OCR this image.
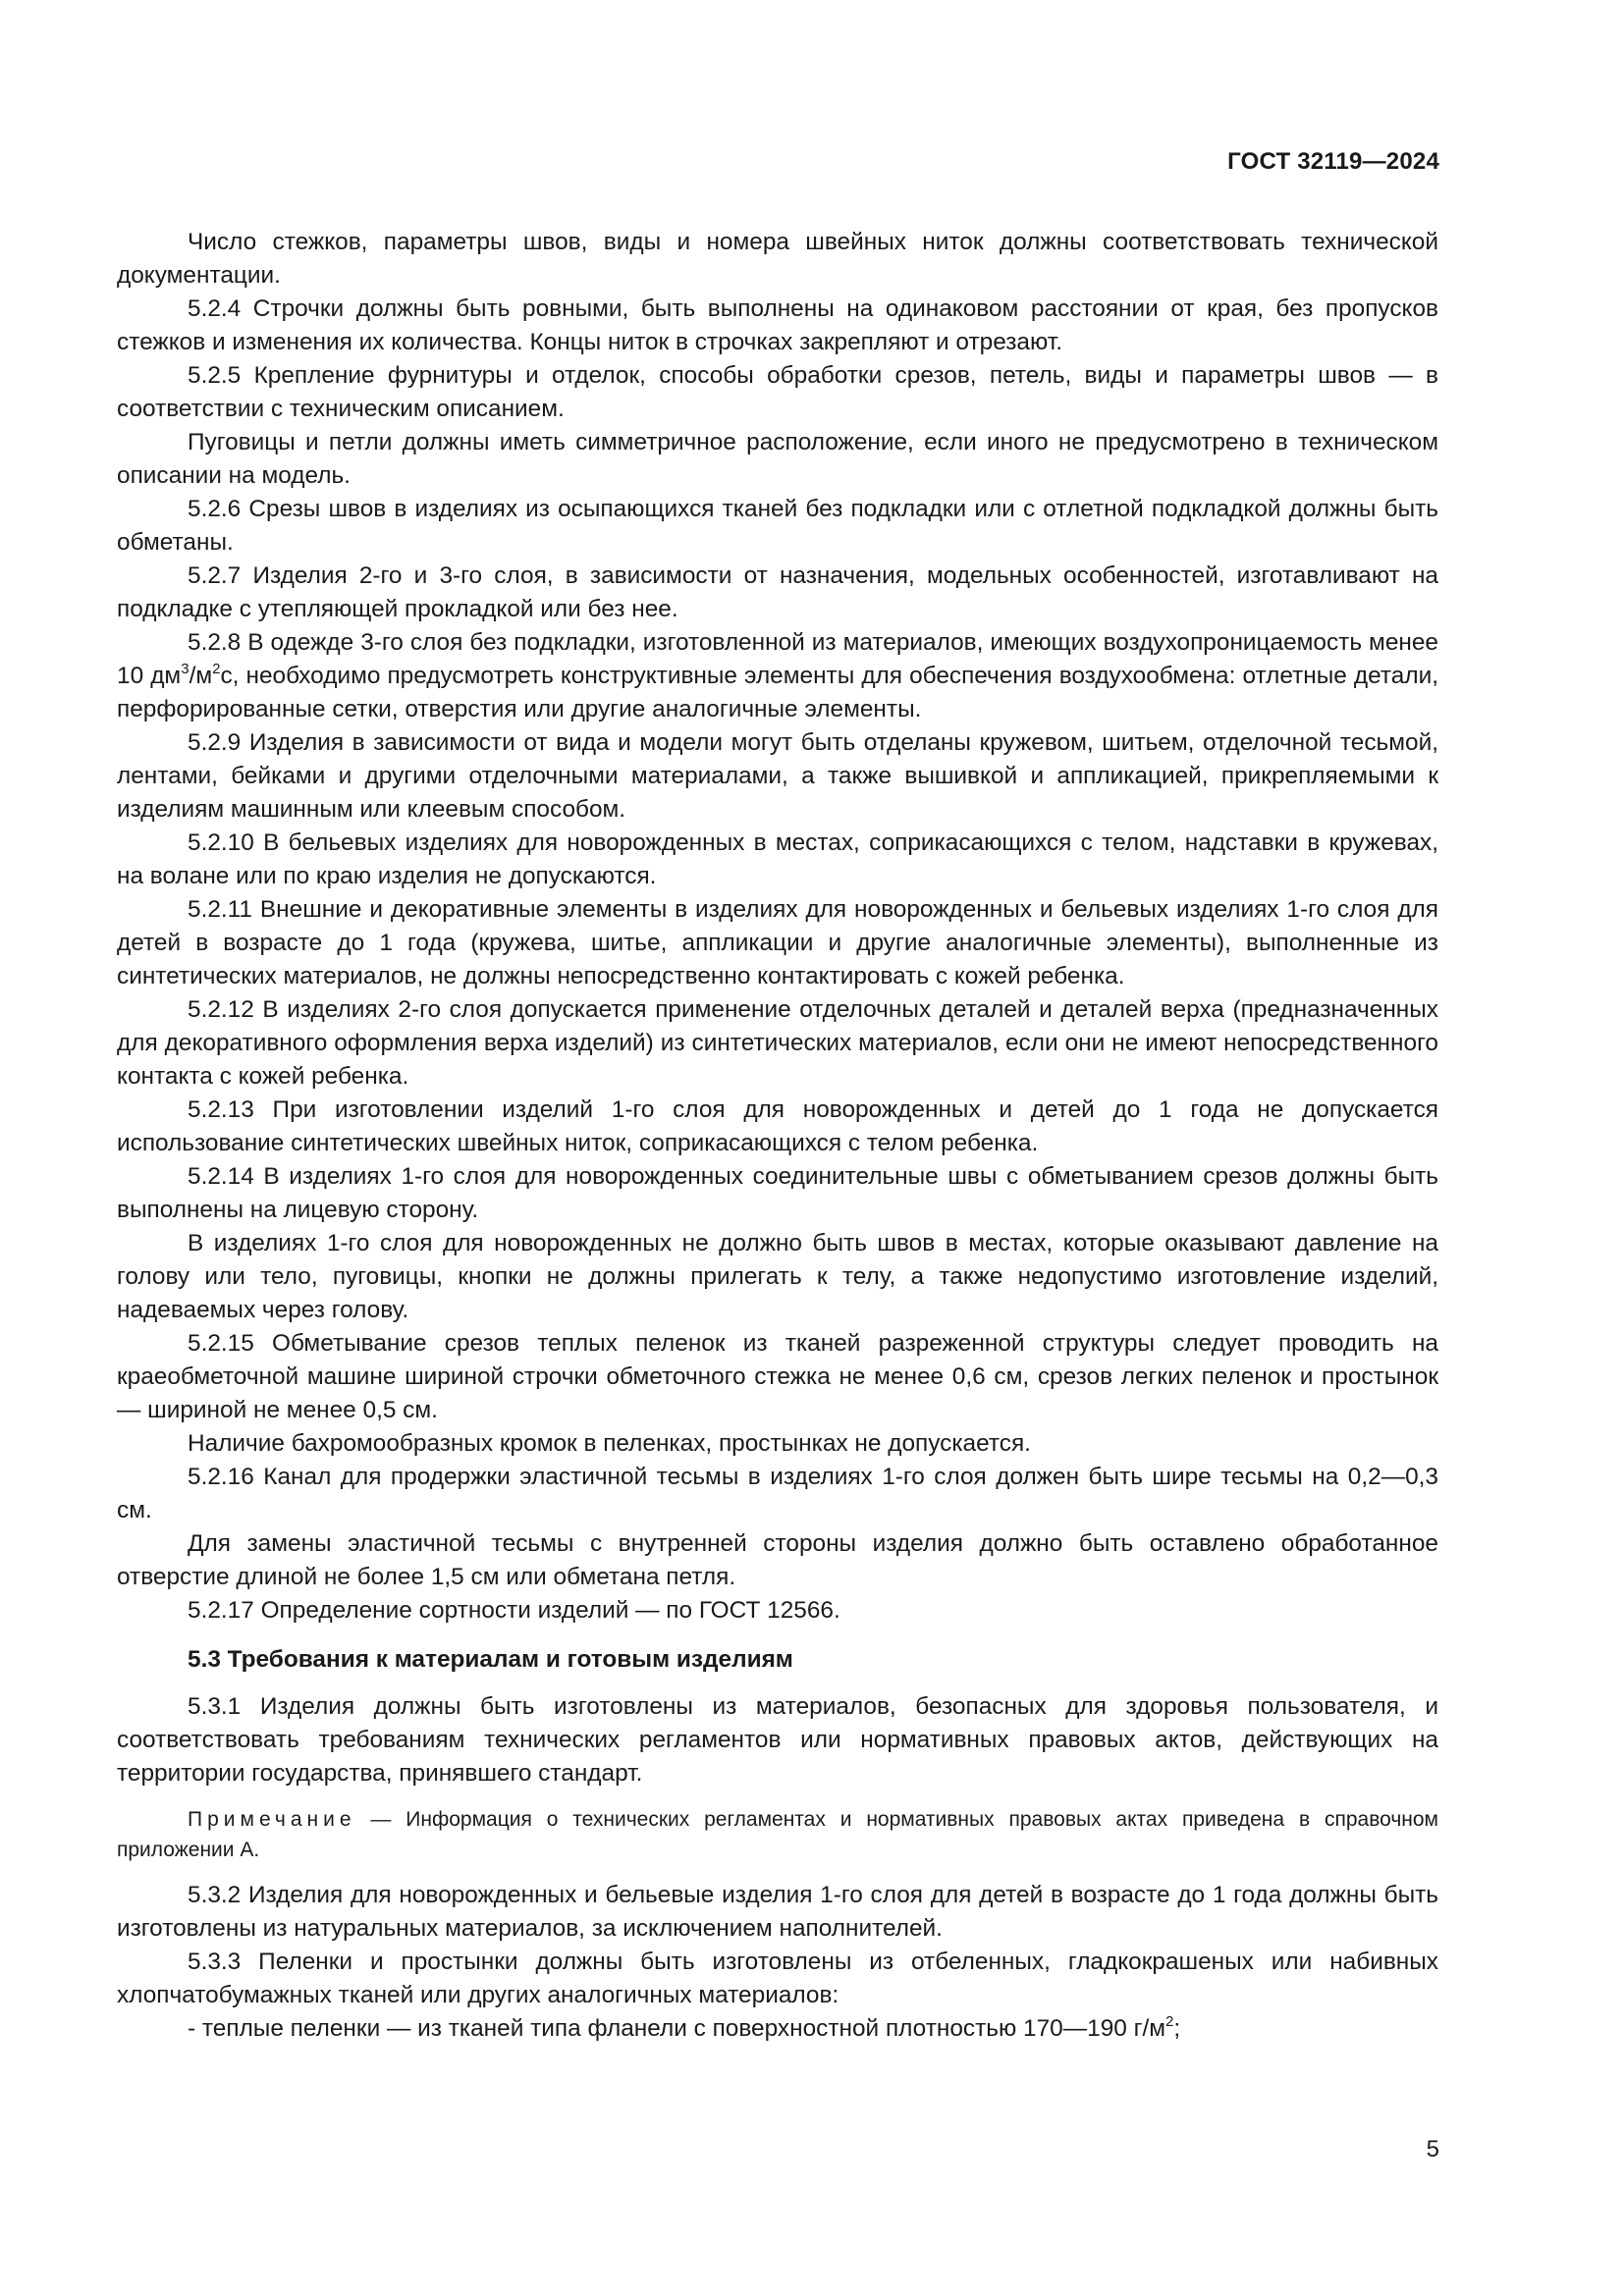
ГОСТ 32119—2024

Число стежков, параметры швов, виды и номера швейных ниток должны соответствовать технической документации.

5.2.4 Строчки должны быть ровными, быть выполнены на одинаковом расстоянии от края, без пропусков стежков и изменения их количества. Концы ниток в строчках закрепляют и отрезают.

5.2.5 Крепление фурнитуры и отделок, способы обработки срезов, петель, виды и параметры швов — в соответствии с техническим описанием.

Пуговицы и петли должны иметь симметричное расположение, если иного не предусмотрено в техническом описании на модель.

5.2.6 Срезы швов в изделиях из осыпающихся тканей без подкладки или с отлетной подкладкой должны быть обметаны.

5.2.7 Изделия 2-го и 3-го слоя, в зависимости от назначения, модельных особенностей, изготавливают на подкладке с утепляющей прокладкой или без нее.

5.2.8 В одежде 3-го слоя без подкладки, изготовленной из материалов, имеющих воздухопроницаемость менее 10 $дм^3/м^2с$, необходимо предусмотреть конструктивные элементы для обеспечения воздухообмена: отлетные детали, перфорированные сетки, отверстия или другие аналогичные элементы.

5.2.9 Изделия в зависимости от вида и модели могут быть отделаны кружевом, шитьем, отделочной тесьмой, лентами, бейками и другими отделочными материалами, а также вышивкой и аппликацией, прикрепляемыми к изделиям машинным или клеевым способом.

5.2.10 В бельевых изделиях для новорожденных в местах, соприкасающихся с телом, надставки в кружевах, на волане или по краю изделия не допускаются.

5.2.11 Внешние и декоративные элементы в изделиях для новорожденных и бельевых изделиях 1-го слоя для детей в возрасте до 1 года (кружева, шитье, аппликации и другие аналогичные элементы), выполненные из синтетических материалов, не должны непосредственно контактировать с кожей ребенка.

5.2.12 В изделиях 2-го слоя допускается применение отделочных деталей и деталей верха (предназначенных для декоративного оформления верха изделий) из синтетических материалов, если они не имеют непосредственного контакта с кожей ребенка.

5.2.13 При изготовлении изделий 1-го слоя для новорожденных и детей до 1 года не допускается использование синтетических швейных ниток, соприкасающихся с телом ребенка.

5.2.14 В изделиях 1-го слоя для новорожденных соединительные швы с обметыванием срезов должны быть выполнены на лицевую сторону.

В изделиях 1-го слоя для новорожденных не должно быть швов в местах, которые оказывают давление на голову или тело, пуговицы, кнопки не должны прилегать к телу, а также недопустимо изготовление изделий, надеваемых через голову.

5.2.15 Обметывание срезов теплых пеленок из тканей разреженной структуры следует проводить на краеобметочной машине шириной строчки обметочного стежка не менее 0,6 см, срезов легких пеленок и простынок — шириной не менее 0,5 см.

Наличие бахромообразных кромок в пеленках, простынках не допускается.

5.2.16 Канал для продержки эластичной тесьмы в изделиях 1-го слоя должен быть шире тесьмы на 0,2—0,3 см.

Для замены эластичной тесьмы с внутренней стороны изделия должно быть оставлено обработанное отверстие длиной не более 1,5 см или обметана петля.

5.2.17 Определение сортности изделий — по ГОСТ 12566.

5.3 Требования к материалам и готовым изделиям

5.3.1 Изделия должны быть изготовлены из материалов, безопасных для здоровья пользователя, и соответствовать требованиям технических регламентов или нормативных правовых актов, действующих на территории государства, принявшего стандарт.

Примечание — Информация о технических регламентах и нормативных правовых актах приведена в справочном приложении А.

5.3.2 Изделия для новорожденных и бельевые изделия 1-го слоя для детей в возрасте до 1 года должны быть изготовлены из натуральных материалов, за исключением наполнителей.

5.3.3 Пеленки и простынки должны быть изготовлены из отбеленных, гладкокрашеных или набивных хлопчатобумажных тканей или других аналогичных материалов:

- теплые пеленки — из тканей типа фланели с поверхностной плотностью 170—190 $г/м^2$;

5
